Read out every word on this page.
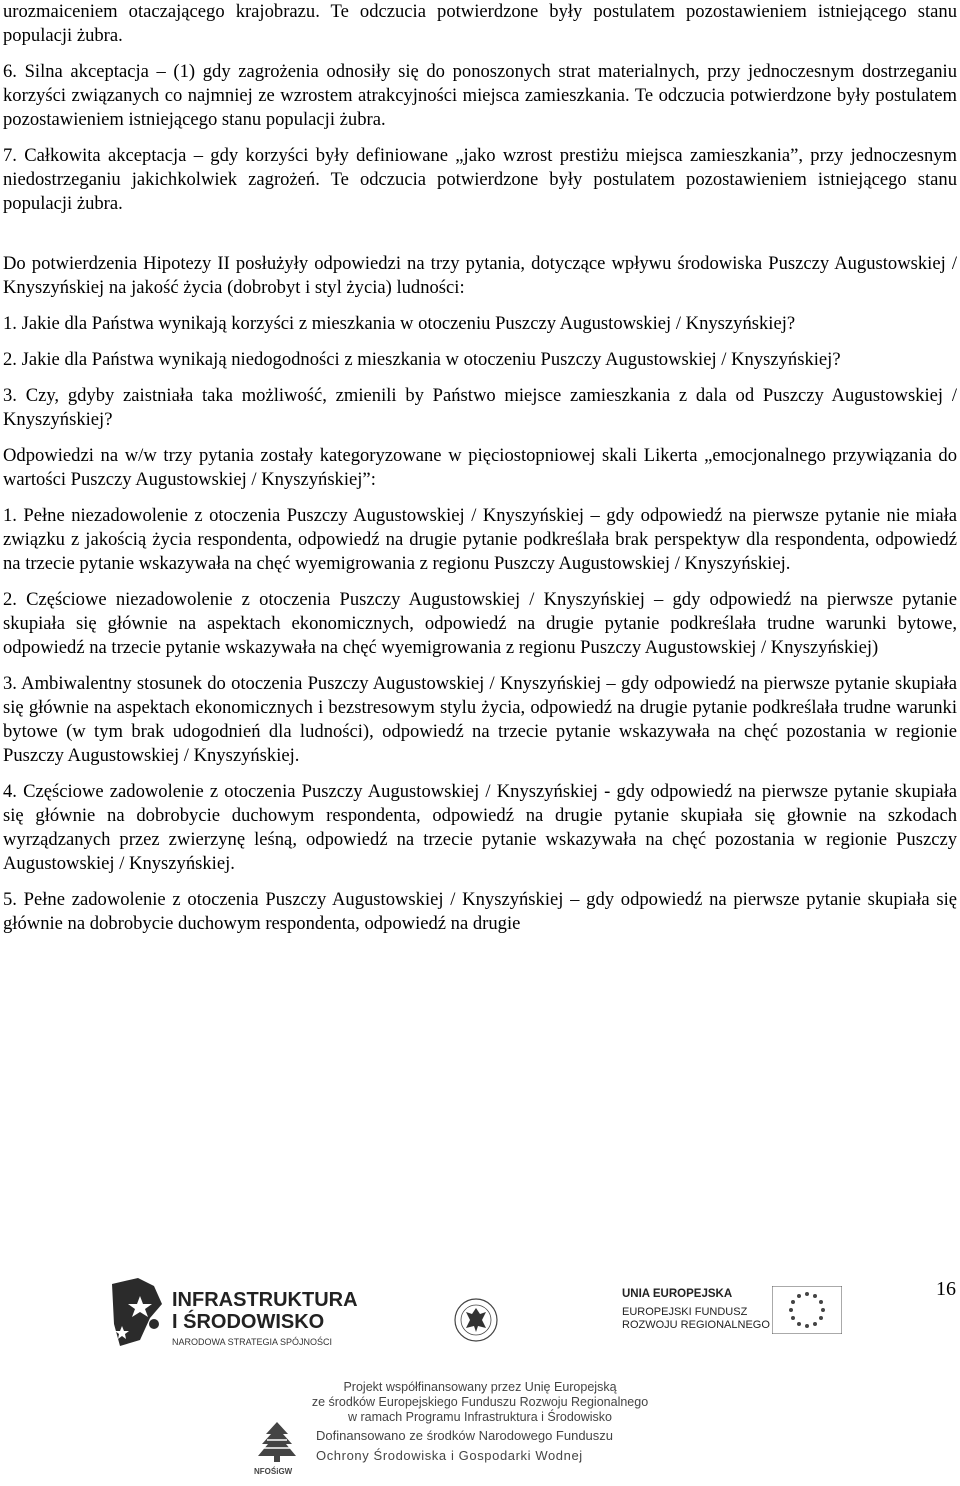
urozmaiceniem otaczającego krajobrazu. Te odczucia potwierdzone były postulatem pozostawieniem istniejącego stanu populacji żubra.

6. Silna akceptacja – (1) gdy zagrożenia odnosiły się do ponoszonych strat materialnych, przy jednoczesnym dostrzeganiu korzyści związanych co najmniej ze wzrostem atrakcyjności miejsca zamieszkania. Te odczucia potwierdzone były postulatem pozostawieniem istniejącego stanu populacji żubra.

7. Całkowita akceptacja – gdy korzyści były definiowane „jako wzrost prestiżu miejsca zamieszkania”, przy jednoczesnym niedostrzeganiu jakichkolwiek zagrożeń. Te odczucia potwierdzone były postulatem pozostawieniem istniejącego stanu populacji żubra.

Do potwierdzenia Hipotezy II posłużyły odpowiedzi na trzy pytania, dotyczące wpływu środowiska Puszczy Augustowskiej / Knyszyńskiej na jakość życia (dobrobyt i styl życia) ludności:

1. Jakie dla Państwa wynikają korzyści z mieszkania w otoczeniu Puszczy Augustowskiej / Knyszyńskiej?

2. Jakie dla Państwa wynikają niedogodności z mieszkania w otoczeniu Puszczy Augustowskiej / Knyszyńskiej?

3. Czy, gdyby zaistniała taka możliwość, zmienili by Państwo miejsce zamieszkania z dala od Puszczy Augustowskiej / Knyszyńskiej?

Odpowiedzi na w/w trzy pytania zostały kategoryzowane w pięciostopniowej skali Likerta „emocjonalnego przywiązania do wartości Puszczy Augustowskiej / Knyszyńskiej”:

1. Pełne niezadowolenie z otoczenia Puszczy Augustowskiej / Knyszyńskiej – gdy odpowiedź na pierwsze pytanie nie miała związku z jakością życia respondenta, odpowiedź na drugie pytanie podkreślała brak perspektyw dla respondenta, odpowiedź na trzecie pytanie wskazywała na chęć wyemigrowania z regionu Puszczy Augustowskiej / Knyszyńskiej.

2. Częściowe niezadowolenie z otoczenia Puszczy Augustowskiej / Knyszyńskiej – gdy odpowiedź na pierwsze pytanie skupiała się głównie na aspektach ekonomicznych, odpowiedź na drugie pytanie podkreślała trudne warunki bytowe, odpowiedź na trzecie pytanie wskazywała na chęć wyemigrowania z regionu Puszczy Augustowskiej / Knyszyńskiej)

3. Ambiwalentny stosunek do otoczenia Puszczy Augustowskiej / Knyszyńskiej – gdy odpowiedź na pierwsze pytanie skupiała się głównie na aspektach ekonomicznych i bezstresowym stylu życia, odpowiedź na drugie pytanie podkreślała trudne warunki bytowe (w tym brak udogodnień dla ludności), odpowiedź na trzecie pytanie wskazywała na chęć pozostania w regionie Puszczy Augustowskiej / Knyszyńskiej.

4. Częściowe zadowolenie z otoczenia Puszczy Augustowskiej / Knyszyńskiej - gdy odpowiedź na pierwsze pytanie skupiała się głównie na dobrobycie duchowym respondenta, odpowiedź na drugie pytanie skupiała się głownie na szkodach wyrządzanych przez zwierzynę leśną, odpowiedź na trzecie pytanie wskazywała na chęć pozostania w regionie Puszczy Augustowskiej / Knyszyńskiej.

5. Pełne zadowolenie z otoczenia Puszczy Augustowskiej / Knyszyńskiej – gdy odpowiedź na pierwsze pytanie skupiała się głównie na dobrobycie duchowym respondenta, odpowiedź na drugie

16
INFRASTRUKTURA
I ŚRODOWISKO
NARODOWA STRATEGIA SPÓJNOŚCI
UNIA EUROPEJSKA
EUROPEJSKI FUNDUSZ
ROZWOJU REGIONALNEGO
Projekt współfinansowany przez Unię Europejską
ze środków Europejskiego Funduszu Rozwoju Regionalnego
w ramach Programu Infrastruktura i Środowisko
NFOŚiGW
Dofinansowano ze środków Narodowego Funduszu
Ochrony Środowiska i Gospodarki Wodnej
